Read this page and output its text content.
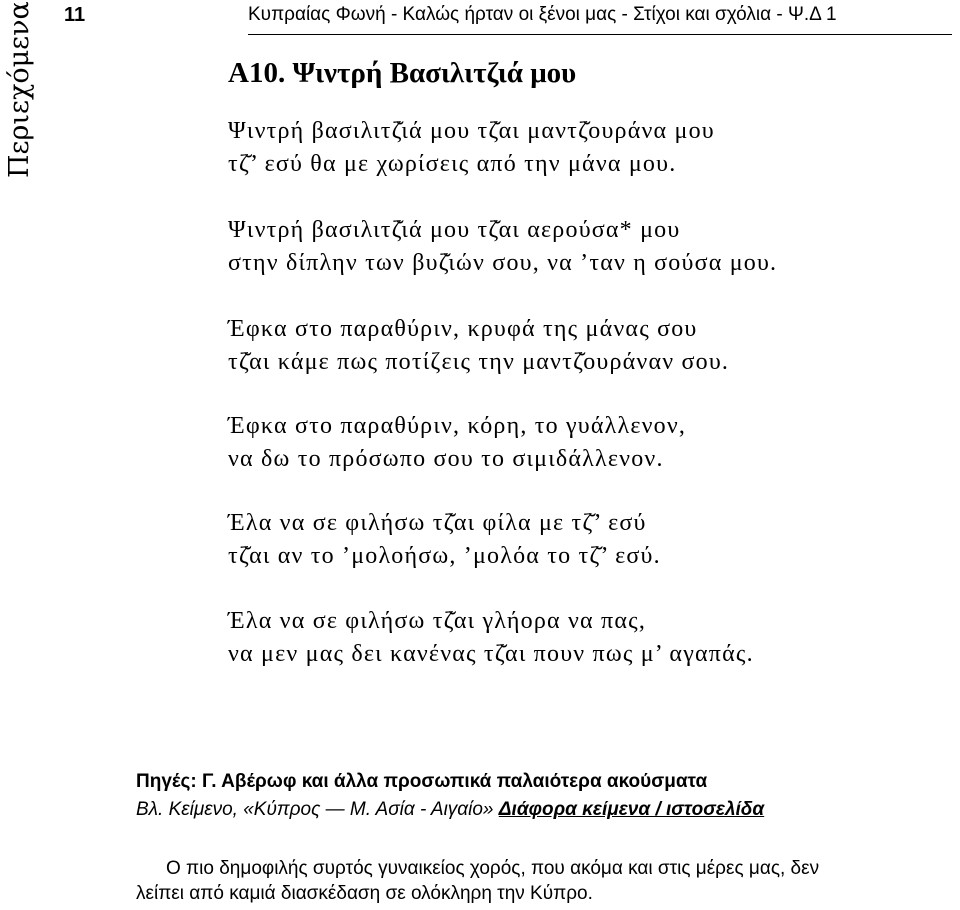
Περιεχόμενα 11	Κυπραίας Φωνή - Καλώς ήρταν οι ξένοι μας - Στίχοι και σχόλια - Ψ.Δ 1
Α10. Ψιντρή Βασιλιτζιά μου
Ψιντρή βασιλιτζ̆ιά μου τζ̆αι μαντζ̆ουράνα μου
τζ̆’ εσύ θα με χωρίσεις από την μάνα μου.
Ψιντρή βασιλιτζ̆ιά μου τζ̆αι αερούσα* μου
στην δίπλην των βυζ̆ιών σου, να ’ταν η σούσα μου.
Έφκα στο παραθύριν, κρυφά της μάνας σου
τζ̆αι κάμε πως ποτίζεις την μαντζ̆ουράναν σου.
Έφκα στο παραθύριν, κόρη, το γυάλλενον,
να δω το πρόσωπο σου το σιμιδάλλενον.
Έλα να σε φιλήσω τζ̆αι φίλα με τζ̆’ εσύ
τζ̆αι αν το ’μολοήσω, ’μολόα το τζ̆’ εσύ.
Έλα να σε φιλήσω τζ̆αι γλήορα να πας,
να μεν μας δει κανένας τζ̆αι πουν πως μ’ αγαπάς.
Πηγές: Γ. Αβέρωφ και άλλα προσωπικά παλαιότερα ακούσματα
Βλ. Κείμενο, «Κύπρος — Μ. Ασία - Αιγαίο» Διάφορα κείμενα / ιστοσελίδα
Ο πιο δημοφιλής συρτός γυναικείος χορός, που ακόμα και στις μέρες μας, δεν
λείπει από καμιά διασκέδαση σε ολόκληρη την Κύπρο.
